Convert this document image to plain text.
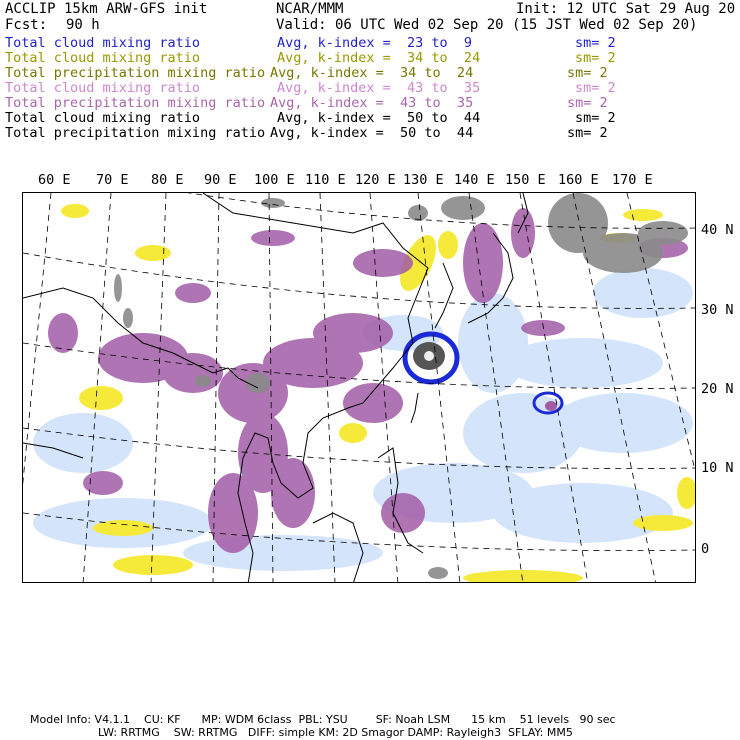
ACCLIP 15km ARW-GFS init	NCAR/MMM	Init: 12 UTC Sat 29 Aug 20
Fcst: 90 h	Valid: 06 UTC Wed 02 Sep 20 (15 JST Wed 02 Sep 20)
Total cloud mixing ratio	Avg, k-index =  23 to  9	sm= 2
Total cloud mixing ratio	Avg, k-index =  34 to  24	sm= 2
Total precipitation mixing ratio Avg, k-index =  34 to  24	sm= 2
Total cloud mixing ratio	Avg, k-index =  43 to  35	sm= 2
Total precipitation mixing ratio Avg, k-index =  43 to  35	sm= 2
Total cloud mixing ratio	Avg, k-index =  50 to  44	sm= 2
Total precipitation mixing ratio Avg, k-index =  50 to  44	sm= 2
60 E 70 E 80 E 90 E 100 E 110 E 120 E 130 E 140 E 150 E 160 E 170 E
40 N
30 N
20 N
10 N
0
Model Info: V4.1.1    CU: KF      MP: WDM 6class  PBL: YSU        SF: Noah LSM      15 km    51 levels   90 sec
LW: RRTMG    SW: RRTMG   DIFF: simple KM: 2D Smagor DAMP: Rayleigh3  SFLAY: MM5
